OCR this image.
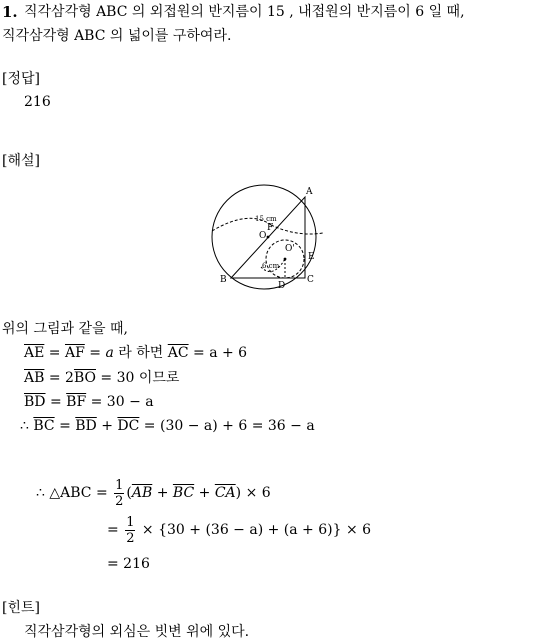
1. 직각삼각형 ABC 의 외접원의 반지름이 15 , 내접원의 반지름이 6 일 때,
직각삼각형 ABC 의 넓이를 구하여라.
[정답]
216
[해설]
A
B	C
D
E
F
O
O'
15 cm
6 cm
위의 그림과 같을 때,
$\overline{AE} = \overline{AF} = a$ 라 하면 $\overline{AC} = a + 6$
$\overline{AB} = 2\overline{BO} = 30$ 이므로
$\overline{BD} = \overline{BF} = 30 - a$
∴ $\overline{BC} = \overline{BD} + \overline{DC} = (30 - a) + 6 = 36 - a$
∴ △ABC = $\frac{1}{2} (\overline{AB} + \overline{BC} + \overline{CA}) \times 6$
= $\frac{1}{2} \times \{30 + (36 - a) + (a + 6)\} \times 6$
= 216
[힌트]
직각삼각형의 외심은 빗변 위에 있다.
